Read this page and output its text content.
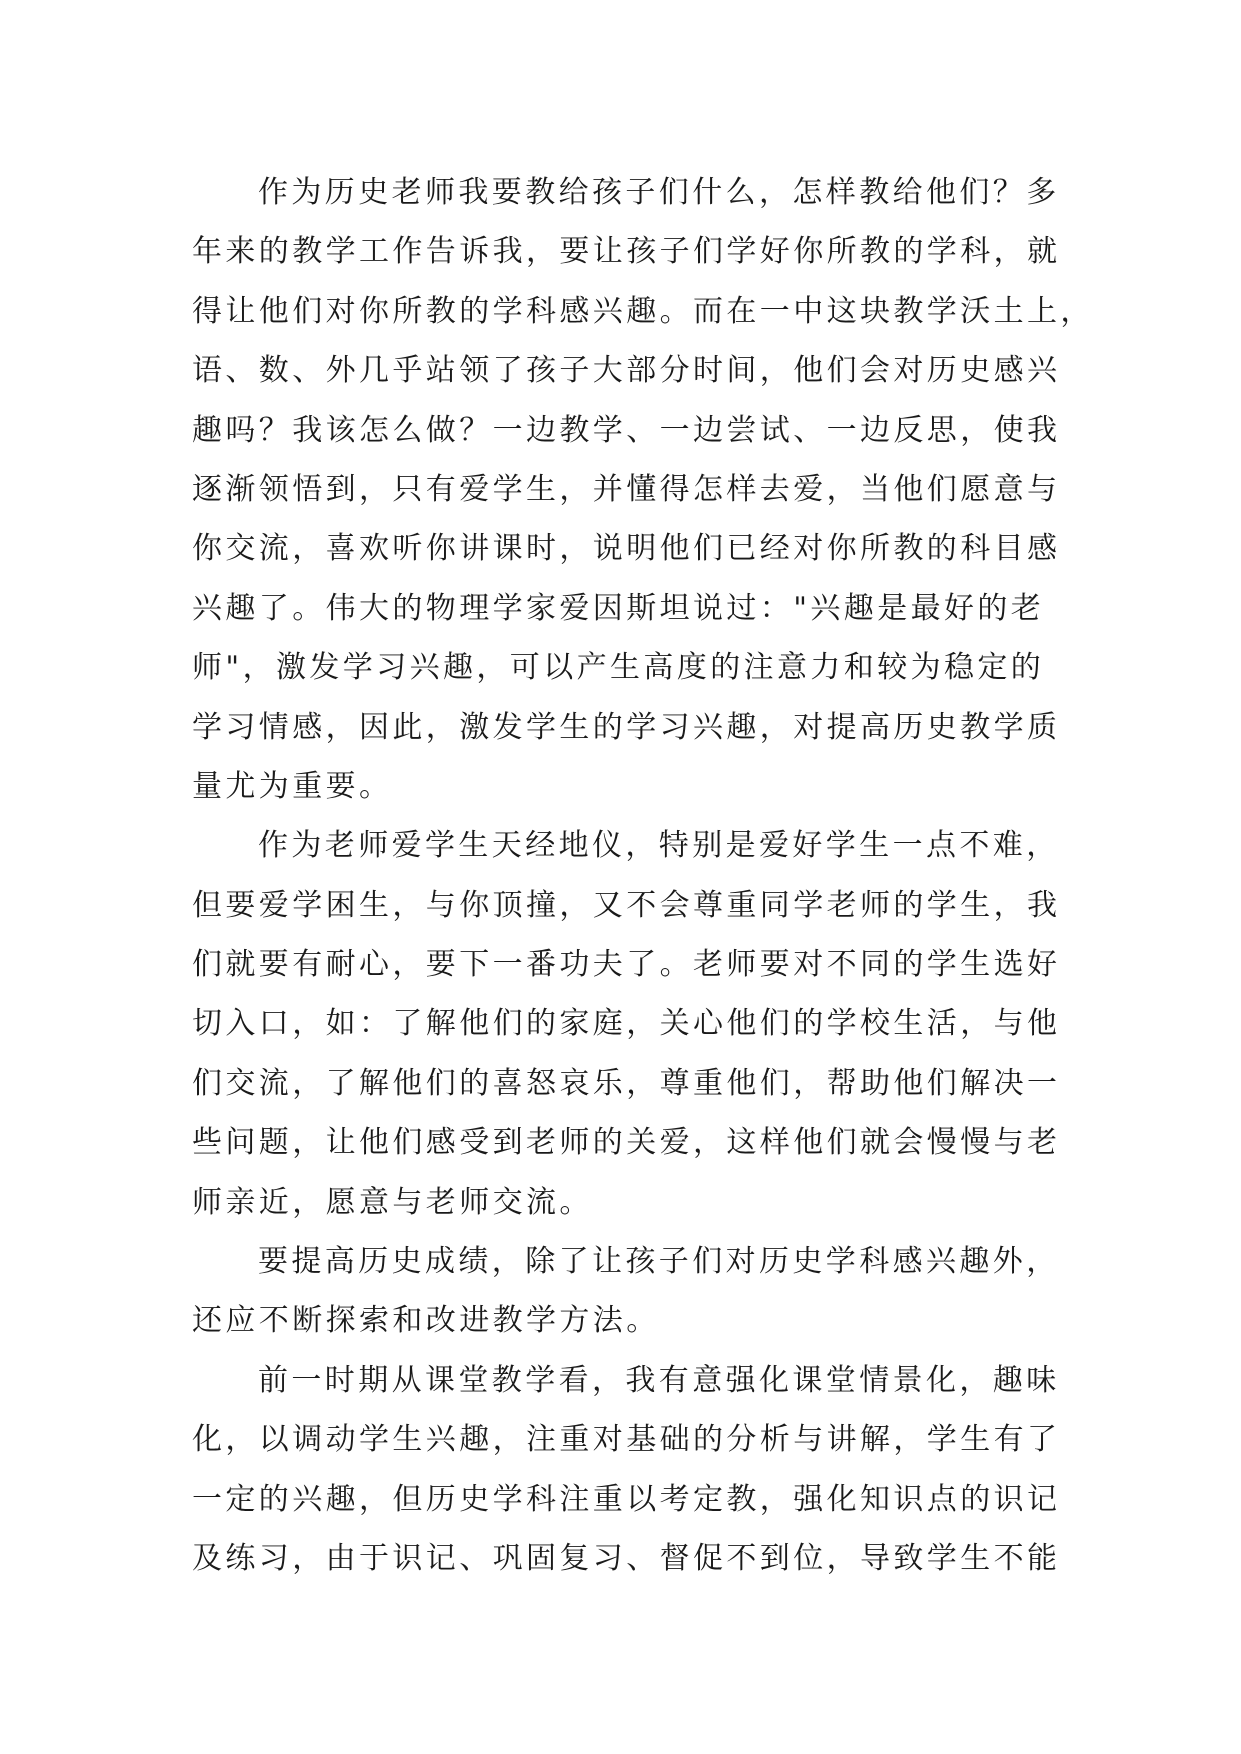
作为历史老师我要教给孩子们什么，怎样教给他们？多
年来的教学工作告诉我，要让孩子们学好你所教的学科，就
得让他们对你所教的学科感兴趣。而在一中这块教学沃土上，
语、数、外几乎站领了孩子大部分时间，他们会对历史感兴
趣吗？我该怎么做？一边教学、一边尝试、一边反思，使我
逐渐领悟到，只有爱学生，并懂得怎样去爱，当他们愿意与
你交流，喜欢听你讲课时，说明他们已经对你所教的科目感
兴趣了。伟大的物理学家爱因斯坦说过："兴趣是最好的老
师"，激发学习兴趣，可以产生高度的注意力和较为稳定的
学习情感，因此，激发学生的学习兴趣，对提高历史教学质
量尤为重要。
作为老师爱学生天经地仪，特别是爱好学生一点不难，
但要爱学困生，与你顶撞，又不会尊重同学老师的学生，我
们就要有耐心，要下一番功夫了。老师要对不同的学生选好
切入口，如：了解他们的家庭，关心他们的学校生活，与他
们交流，了解他们的喜怒哀乐，尊重他们，帮助他们解决一
些问题，让他们感受到老师的关爱，这样他们就会慢慢与老
师亲近，愿意与老师交流。
要提高历史成绩，除了让孩子们对历史学科感兴趣外，
还应不断探索和改进教学方法。
前一时期从课堂教学看，我有意强化课堂情景化，趣味
化，以调动学生兴趣，注重对基础的分析与讲解，学生有了
一定的兴趣，但历史学科注重以考定教，强化知识点的识记
及练习，由于识记、巩固复习、督促不到位，导致学生不能
